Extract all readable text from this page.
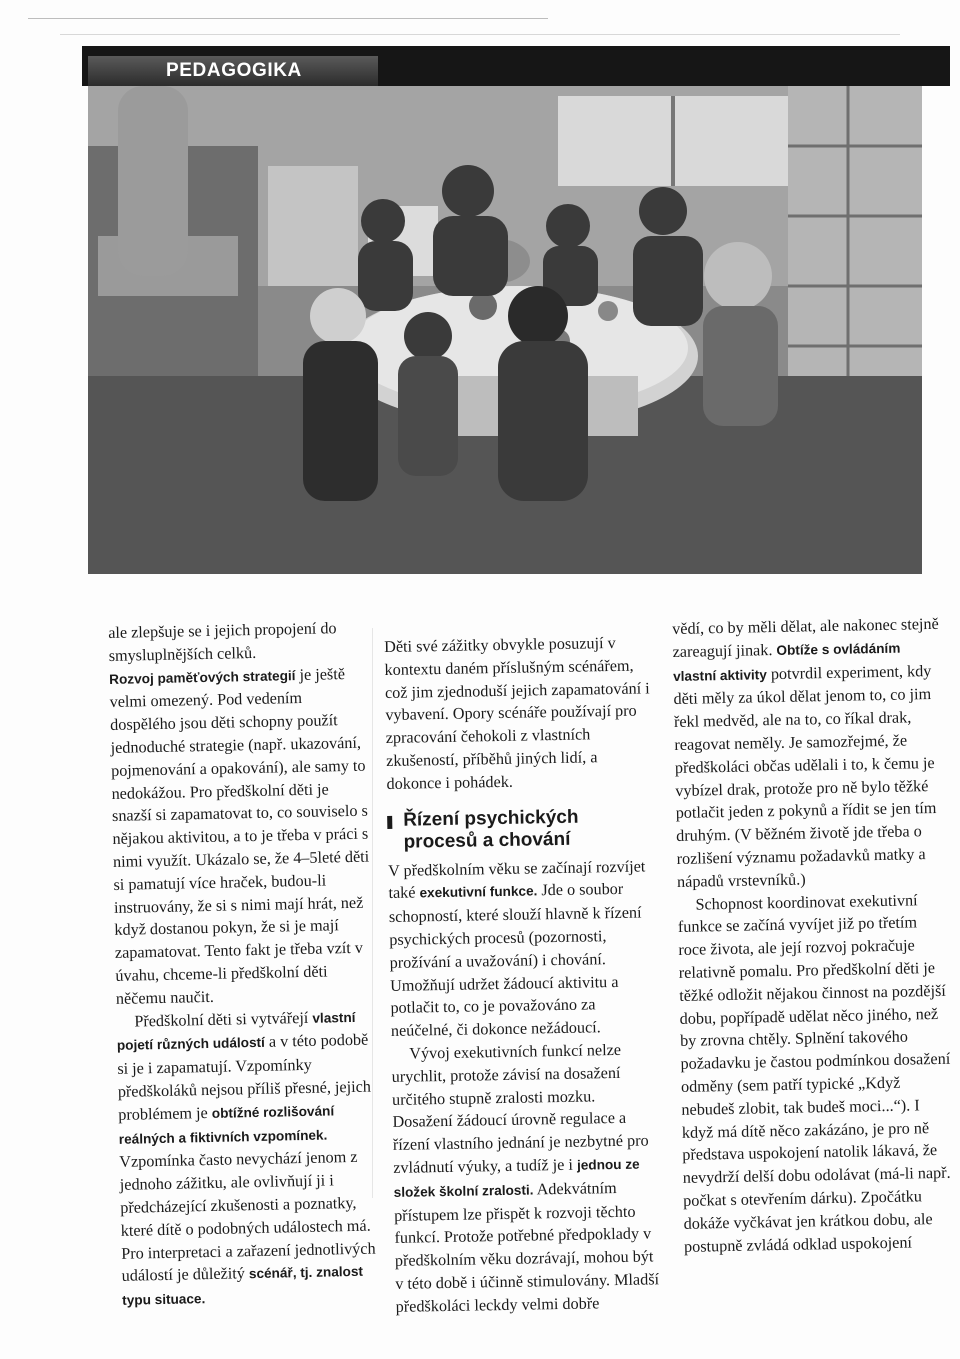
PEDAGOGIKA

ale zlepšuje se i jejich propojení do smysluplnějších celků.

Rozvoj paměťových strategií je ještě velmi omezený. Pod vedením dospělého jsou děti schopny použít jednoduché strategie (např. ukazování, pojmenování a opakování), ale samy to nedokážou. Pro předškolní děti je snazší si zapamatovat to, co souviselo s nějakou aktivitou, a to je třeba v práci s nimi využít. Ukázalo se, že 4–5leté děti si pamatují více hraček, budou-li instruovány, že si s nimi mají hrát, než když dostanou pokyn, že si je mají zapamatovat. Tento fakt je třeba vzít v úvahu, chceme-li předškolní děti něčemu naučit.

Předškolní děti si vytvářejí vlastní pojetí různých událostí a v této podobě si je i zapamatují. Vzpomínky předškoláků nejsou příliš přesné, jejich problémem je obtížné rozlišování reálných a fiktivních vzpomínek. Vzpomínka často nevychází jenom z jednoho zážitku, ale ovlivňují ji i předcházející zkušenosti a poznatky, které dítě o podobných událostech má. Pro interpretaci a zařazení jednotlivých událostí je důležitý scénář, tj. znalost typu situace.

Děti své zážitky obvykle posuzují v kontextu daném příslušným scénářem, což jim zjednoduší jejich zapamatování i vybavení. Opory scénáře používají pro zpracování čehokoli z vlastních zkušeností, příběhů jiných lidí, a dokonce i pohádek.

Řízení psychických procesů a chování

V předškolním věku se začínají rozvíjet také exekutivní funkce. Jde o soubor schopností, které slouží hlavně k řízení psychických procesů (pozornosti, prožívání a uvažování) i chování. Umožňují udržet žádoucí aktivitu a potlačit to, co je považováno za neúčelné, či dokonce nežádoucí.

Vývoj exekutivních funkcí nelze urychlit, protože závisí na dosažení určitého stupně zralosti mozku. Dosažení žádoucí úrovně regulace a řízení vlastního jednání je nezbytné pro zvládnutí výuky, a tudíž je i jednou ze složek školní zralosti. Adekvátním přístupem lze přispět k rozvoji těchto funkcí. Protože potřebné předpoklady v předškolním věku dozrávají, mohou být v této době i účinně stimulovány. Mladší předškoláci leckdy velmi dobře

vědí, co by měli dělat, ale nakonec stejně zareagují jinak. Obtíže s ovládáním vlastní aktivity potvrdil experiment, kdy děti měly za úkol dělat jenom to, co jim řekl medvěd, ale na to, co říkal drak, reagovat neměly. Je samozřejmé, že předškoláci občas udělali i to, k čemu je vybízel drak, protože pro ně bylo těžké potlačit jeden z pokynů a řídit se jen tím druhým. (V běžném životě jde třeba o rozlišení významu požadavků matky a nápadů vrstevníků.)

Schopnost koordinovat exekutivní funkce se začíná vyvíjet již po třetím roce života, ale její rozvoj pokračuje relativně pomalu. Pro předškolní děti je těžké odložit nějakou činnost na pozdější dobu, popřípadě udělat něco jiného, než by zrovna chtěly. Splnění takového požadavku je častou podmínkou dosažení odměny (sem patří typické „Když nebudeš zlobit, tak budeš moci...“). I když má dítě něco zakázáno, je pro ně představa uspokojení natolik lákavá, že nevydrží delší dobu odolávat (má-li např. počkat s otevřením dárku). Zpočátku dokáže vyčkávat jen krátkou dobu, ale postupně zvládá odklad uspokojení
